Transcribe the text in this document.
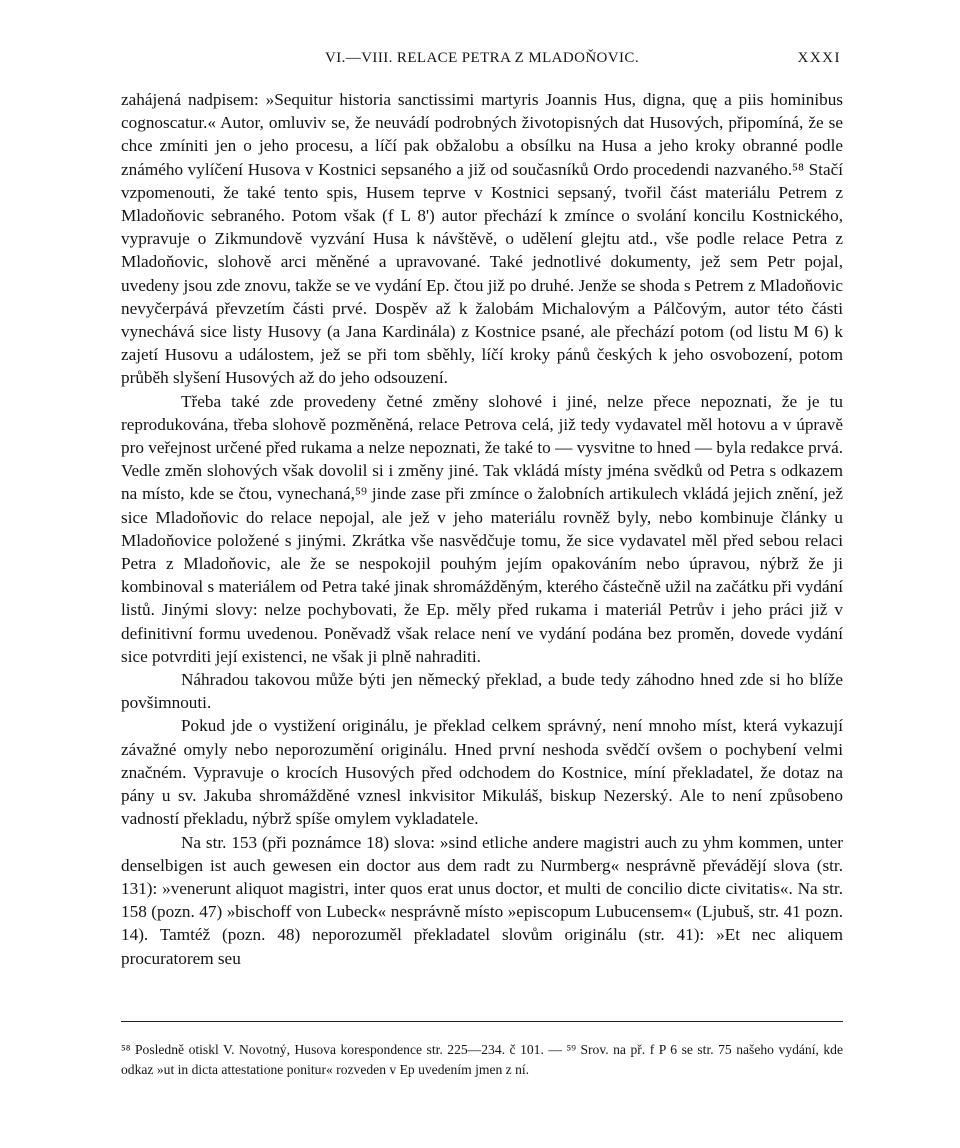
VI.—VIII. RELACE PETRA Z MLADOŇOVIC.	XXXI

zahájená nadpisem: »Sequitur historia sanctissimi martyris Joannis Hus, digna, quę a piis hominibus cognoscatur.« Autor, omluviv se, že neuvádí podrobných životopisných dat Husových, připomíná, že se chce zmíniti jen o jeho procesu, a líčí pak obžalobu a obsílku na Husa a jeho kroky obranné podle známého vylíčení Husova v Kostnici sepsaného a již od současníků Ordo procedendi nazvaného.⁵⁸ Stačí vzpomenouti, že také tento spis, Husem teprve v Kostnici sepsaný, tvořil část materiálu Petrem z Mladoňovic sebraného. Potom však (f L 8') autor přechází k zmínce o svolání koncilu Kostnického, vypravuje o Zikmundově vyzvání Husa k návštěvě, o udělení glejtu atd., vše podle relace Petra z Mladoňovic, slohově arci měněné a upravované. Také jednotlivé dokumenty, jež sem Petr pojal, uvedeny jsou zde znovu, takže se ve vydání Ep. čtou již po druhé. Jenže se shoda s Petrem z Mladoňovic nevyčerpává převzetím části prvé. Dospěv až k žalobám Michalovým a Pálčovým, autor této části vynechává sice listy Husovy (a Jana Kardinála) z Kostnice psané, ale přechází potom (od listu M 6) k zajetí Husovu a událostem, jež se při tom sběhly, líčí kroky pánů českých k jeho osvobození, potom průběh slyšení Husových až do jeho odsouzení.

Třeba také zde provedeny četné změny slohové i jiné, nelze přece nepoznati, že je tu reprodukována, třeba slohově pozměněná, relace Petrova celá, již tedy vydavatel měl hotovu a v úpravě pro veřejnost určené před rukama a nelze nepoznati, že také to — vysvitne to hned — byla redakce prvá. Vedle změn slohových však dovolil si i změny jiné. Tak vkládá místy jména svědků od Petra s odkazem na místo, kde se čtou, vynechaná,⁵⁹ jinde zase při zmínce o žalobních artikulech vkládá jejich znění, jež sice Mladoňovic do relace nepojal, ale jež v jeho materiálu rovněž byly, nebo kombinuje články u Mladoňovice položené s jinými. Zkrátka vše nasvědčuje tomu, že sice vydavatel měl před sebou relaci Petra z Mladoňovic, ale že se nespokojil pouhým jejím opakováním nebo úpravou, nýbrž že ji kombinoval s materiálem od Petra také jinak shromážděným, kterého částečně užil na začátku při vydání listů. Jinými slovy: nelze pochybovati, že Ep. měly před rukama i materiál Petrův i jeho práci již v definitivní formu uvedenou. Poněvadž však relace není ve vydání podána bez proměn, dovede vydání sice potvrditi její existenci, ne však ji plně nahraditi.

Náhradou takovou může býti jen německý překlad, a bude tedy záhodno hned zde si ho blíže povšimnouti.

Pokud jde o vystižení originálu, je překlad celkem správný, není mnoho míst, která vykazují závažné omyly nebo neporozumění originálu. Hned první neshoda svědčí ovšem o pochybení velmi značném. Vypravuje o krocích Husových před odchodem do Kostnice, míní překladatel, že dotaz na pány u sv. Jakuba shromážděné vznesl inkvisitor Mikuláš, biskup Nezerský. Ale to není způsobeno vadností překladu, nýbrž spíše omylem vykladatele.

Na str. 153 (při poznámce 18) slova: »sind etliche andere magistri auch zu yhm kommen, unter denselbigen ist auch gewesen ein doctor aus dem radt zu Nurmberg« nesprávně převádějí slova (str. 131): »venerunt aliquot magistri, inter quos erat unus doctor, et multi de concilio dicte civitatis«. Na str. 158 (pozn. 47) »bischoff von Lubeck« nesprávně místo »episcopum Lubucensem« (Ljubuš, str. 41 pozn. 14). Tamtéž (pozn. 48) neporozuměl překladatel slovům originálu (str. 41): »Et nec aliquem procuratorem seu

⁵⁸ Posledně otiskl V. Novotný, Husova korespondence str. 225—234. č 101. — ⁵⁹ Srov. na př. f P 6 se str. 75 našeho vydání, kde odkaz »ut in dicta attestatione ponitur« rozveden v Ep uvedením jmen z ní.
